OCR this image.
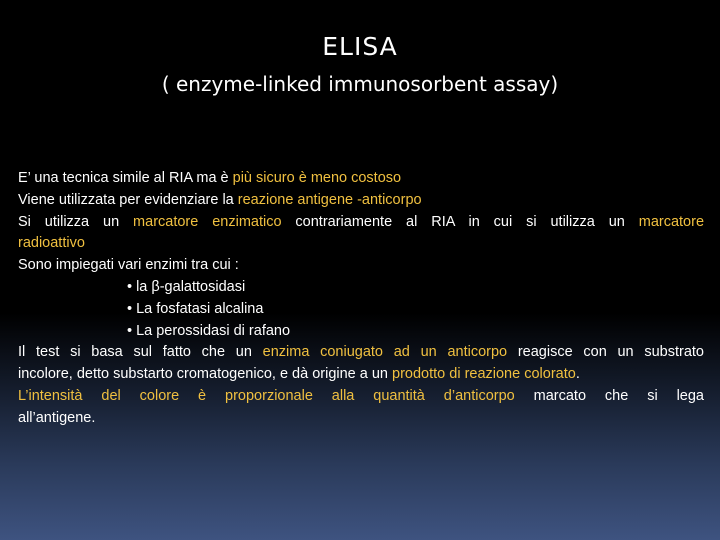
ELISA
( enzyme-linked immunosorbent assay)
E’ una tecnica simile al RIA ma è più sicuro è meno costoso
Viene utilizzata per evidenziare la reazione antigene -anticorpo
Si utilizza un marcatore enzimatico contrariamente al RIA in cui si utilizza un marcatore
radioattivo
Sono impiegati vari enzimi tra cui :
• la β-galattosidasi
• La fosfatasi alcalina
• La perossidasi di rafano
Il test si basa sul fatto che un enzima coniugato ad un anticorpo reagisce con un substrato
incolore, detto substarto cromatogenico, e dà origine a un prodotto di reazione colorato.
L’intensità del colore è proporzionale alla quantità d’anticorpo marcato che si lega
all’antigene.
